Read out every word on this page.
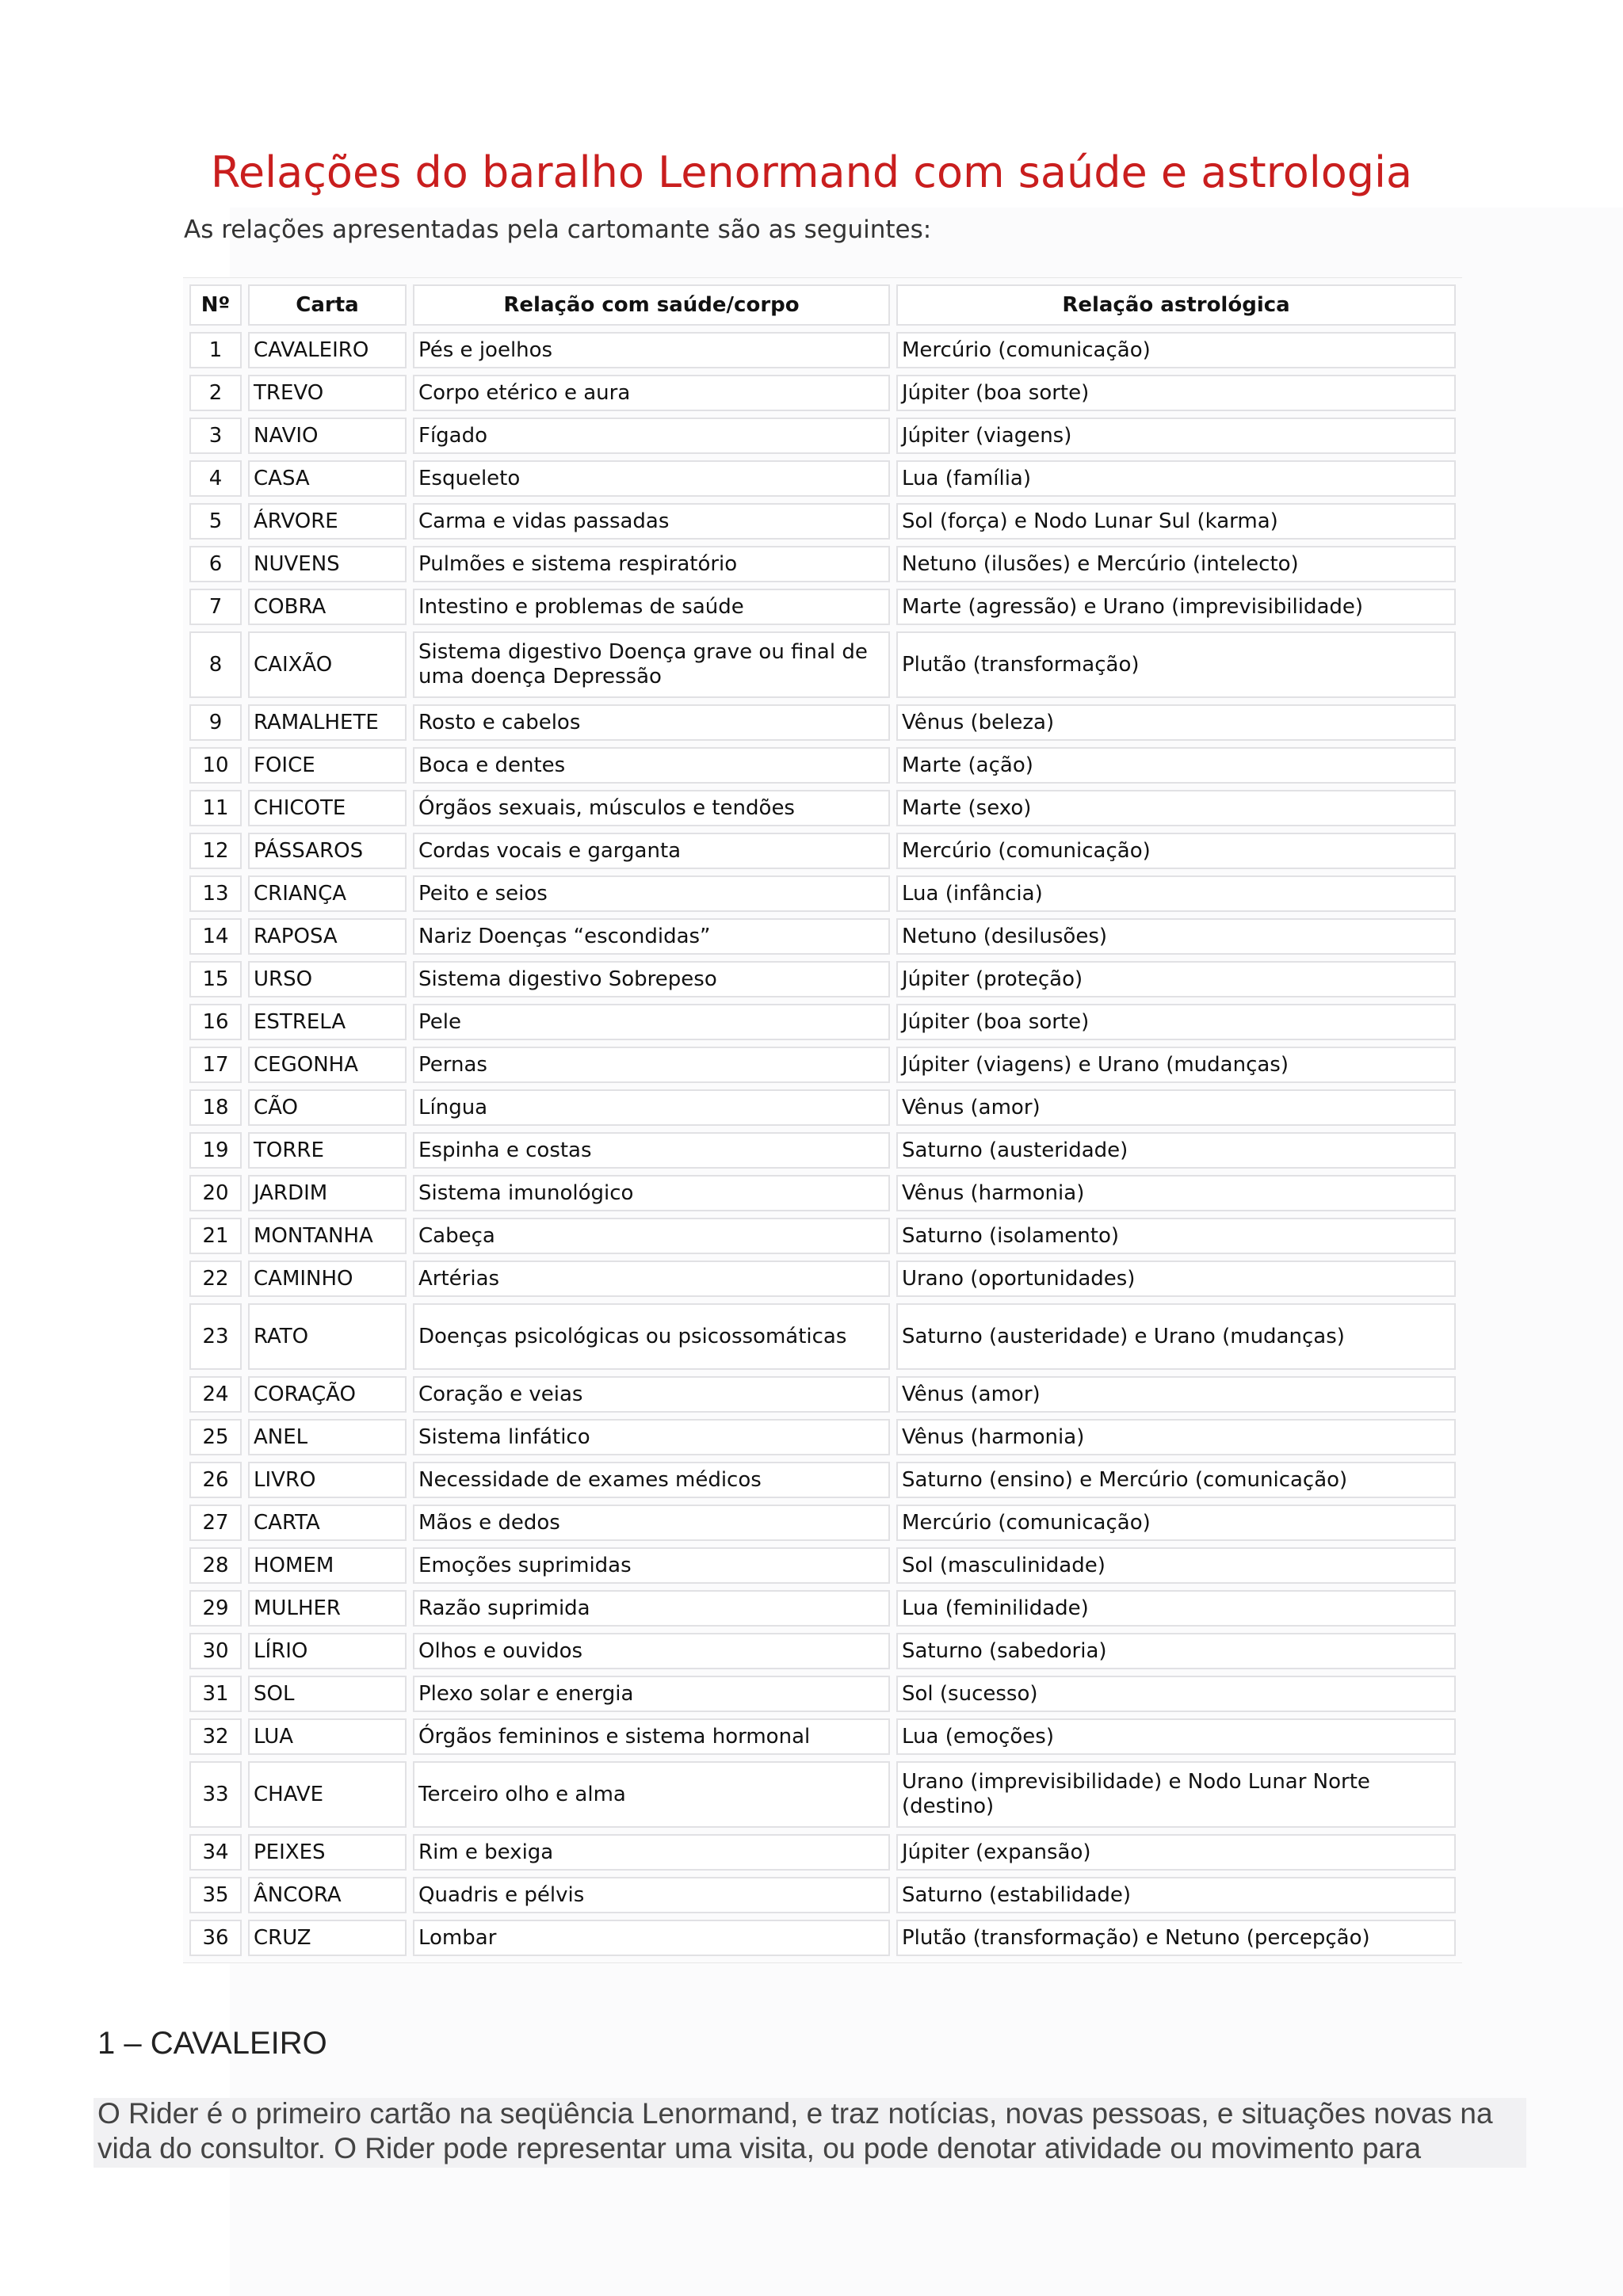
Relações do baralho Lenormand com saúde e astrologia

As relações apresentadas pela cartomante são as seguintes:

Nº	Carta	Relação com saúde/corpo	Relação astrológica
1	CAVALEIRO	Pés e joelhos	Mercúrio (comunicação)
2	TREVO	Corpo etérico e aura	Júpiter (boa sorte)
3	NAVIO	Fígado	Júpiter (viagens)
4	CASA	Esqueleto	Lua (família)
5	ÁRVORE	Carma e vidas passadas	Sol (força) e Nodo Lunar Sul (karma)
6	NUVENS	Pulmões e sistema respiratório	Netuno (ilusões) e Mercúrio (intelecto)
7	COBRA	Intestino e problemas de saúde	Marte (agressão) e Urano (imprevisibilidade)
8	CAIXÃO	Sistema digestivo Doença grave ou final de uma doença Depressão	Plutão (transformação)
9	RAMALHETE	Rosto e cabelos	Vênus (beleza)
10	FOICE	Boca e dentes	Marte (ação)
11	CHICOTE	Órgãos sexuais, músculos e tendões	Marte (sexo)
12	PÁSSAROS	Cordas vocais e garganta	Mercúrio (comunicação)
13	CRIANÇA	Peito e seios	Lua (infância)
14	RAPOSA	Nariz Doenças “escondidas”	Netuno (desilusões)
15	URSO	Sistema digestivo Sobrepeso	Júpiter (proteção)
16	ESTRELA	Pele	Júpiter (boa sorte)
17	CEGONHA	Pernas	Júpiter (viagens) e Urano (mudanças)
18	CÃO	Língua	Vênus (amor)
19	TORRE	Espinha e costas	Saturno (austeridade)
20	JARDIM	Sistema imunológico	Vênus (harmonia)
21	MONTANHA	Cabeça	Saturno (isolamento)
22	CAMINHO	Artérias	Urano (oportunidades)
23	RATO	Doenças psicológicas ou psicossomáticas	Saturno (austeridade) e Urano (mudanças)
24	CORAÇÃO	Coração e veias	Vênus (amor)
25	ANEL	Sistema linfático	Vênus (harmonia)
26	LIVRO	Necessidade de exames médicos	Saturno (ensino) e Mercúrio (comunicação)
27	CARTA	Mãos e dedos	Mercúrio (comunicação)
28	HOMEM	Emoções suprimidas	Sol (masculinidade)
29	MULHER	Razão suprimida	Lua (feminilidade)
30	LÍRIO	Olhos e ouvidos	Saturno (sabedoria)
31	SOL	Plexo solar e energia	Sol (sucesso)
32	LUA	Órgãos femininos e sistema hormonal	Lua (emoções)
33	CHAVE	Terceiro olho e alma	Urano (imprevisibilidade) e Nodo Lunar Norte (destino)
34	PEIXES	Rim e bexiga	Júpiter (expansão)
35	ÂNCORA	Quadris e pélvis	Saturno (estabilidade)
36	CRUZ	Lombar	Plutão (transformação) e Netuno (percepção)
1 – CAVALEIRO

O Rider é o primeiro cartão na seqüência Lenormand, e traz notícias, novas pessoas, e situações novas na vida do consultor. O Rider pode representar uma visita, ou pode denotar atividade ou movimento para
